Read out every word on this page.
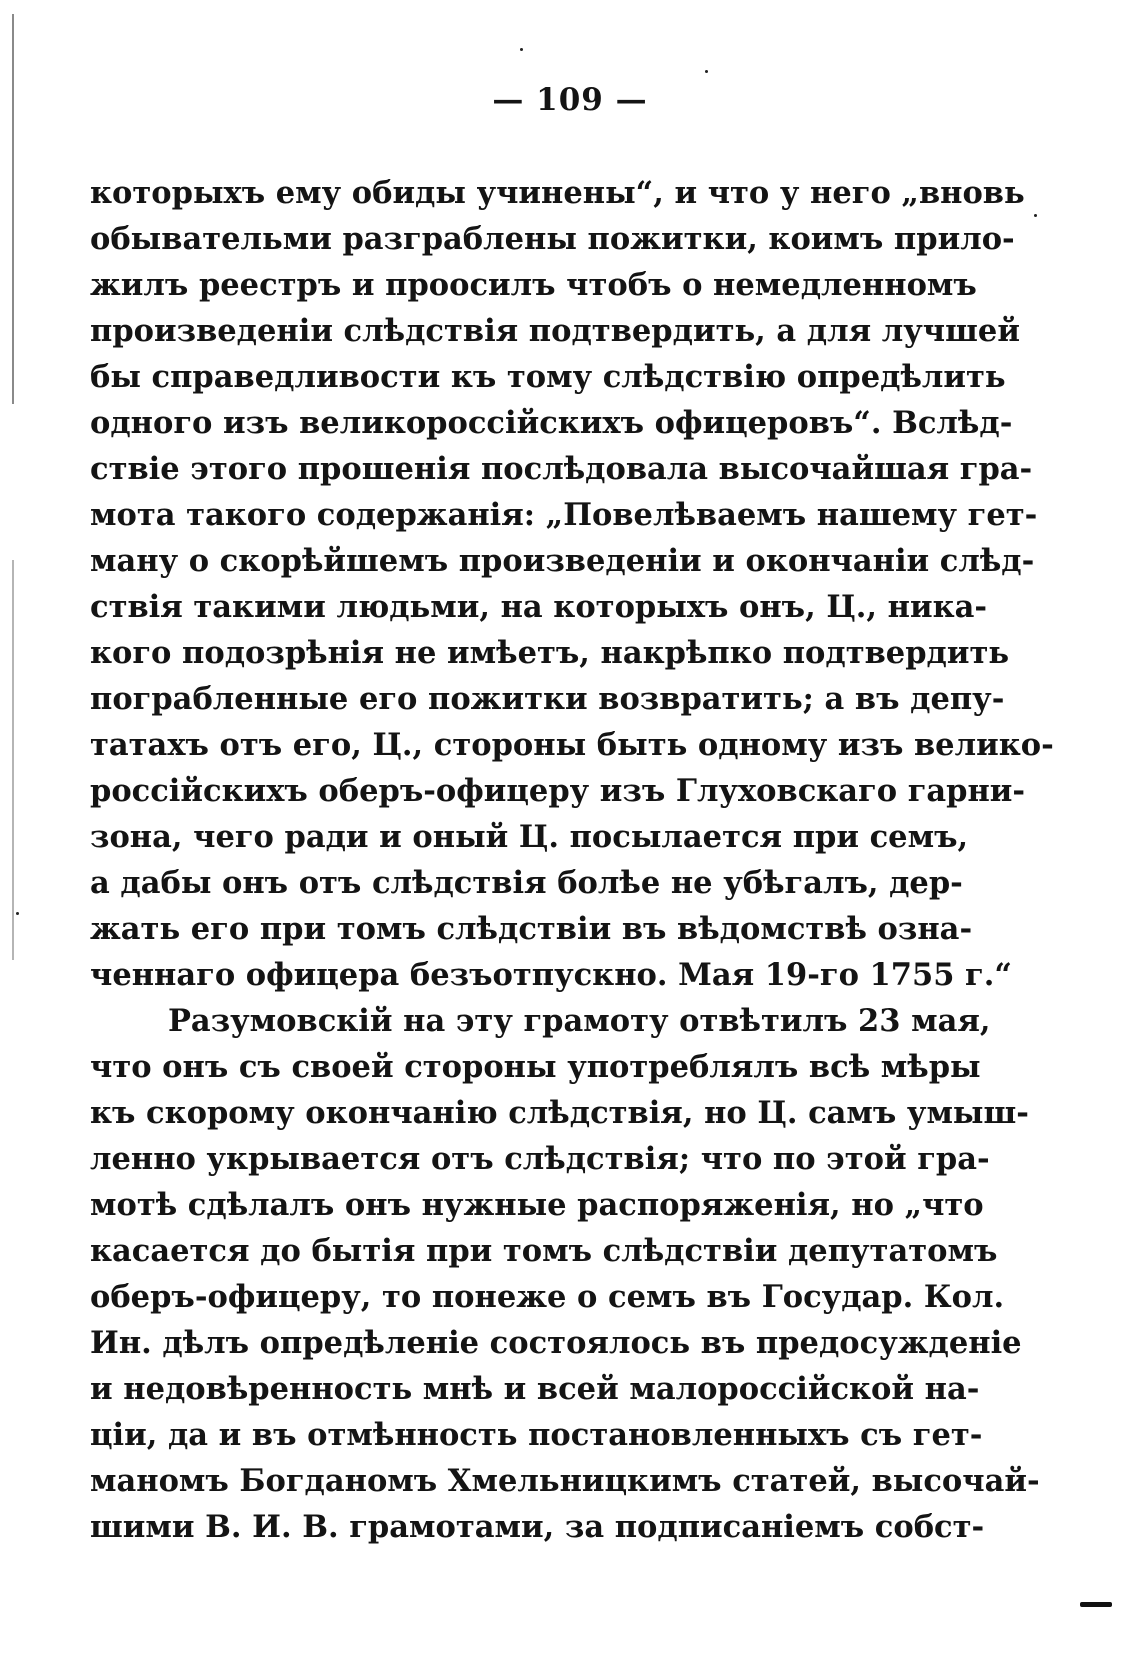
— 109 —
которыхъ ему обиды учинены“, и что у него „вновь
обывательми разграблены пожитки, коимъ прило-
жилъ реестръ и проосилъ чтобъ о немедленномъ
произведеніи слѣдствія подтвердить, а для лучшей
бы справедливости къ тому слѣдствію опредѣлить
одного изъ великороссійскихъ офицеровъ“. Вслѣд-
ствіе этого прошенія послѣдовала высочайшая гра-
мота такого содержанія: „Повелѣваемъ нашему гет-
ману о скорѣйшемъ произведеніи и окончаніи слѣд-
ствія такими людьми, на которыхъ онъ, Ц., ника-
кого подозрѣнія не имѣетъ, накрѣпко подтвердить
пограбленные его пожитки возвратить; а въ депу-
татахъ отъ его, Ц., стороны быть одному изъ велико-
россійскихъ оберъ-офицеру изъ Глуховскаго гарни-
зона, чего ради и оный Ц. посылается при семъ,
а дабы онъ отъ слѣдствія болѣе не убѣгалъ, дер-
жать его при томъ слѣдствіи въ вѣдомствѣ озна-
ченнаго офицера безъотпускно. Мая 19-го 1755 г.“
Разумовскій на эту грамоту отвѣтилъ 23 мая,
что онъ съ своей стороны употреблялъ всѣ мѣры
къ скорому окончанію слѣдствія, но Ц. самъ умыш-
ленно укрывается отъ слѣдствія; что по этой гра-
мотѣ сдѣлалъ онъ нужные распоряженія, но „что
касается до бытія при томъ слѣдствіи депутатомъ
оберъ-офицеру, то понеже о семъ въ Государ. Кол.
Ин. дѣлъ опредѣленіе состоялось въ предосужденіе
и недовѣренность мнѣ и всей малороссійской на-
ціи, да и въ отмѣнность постановленныхъ съ гет-
маномъ Богданомъ Хмельницкимъ статей, высочай-
шими В. И. В. грамотами, за подписаніемъ собст-
